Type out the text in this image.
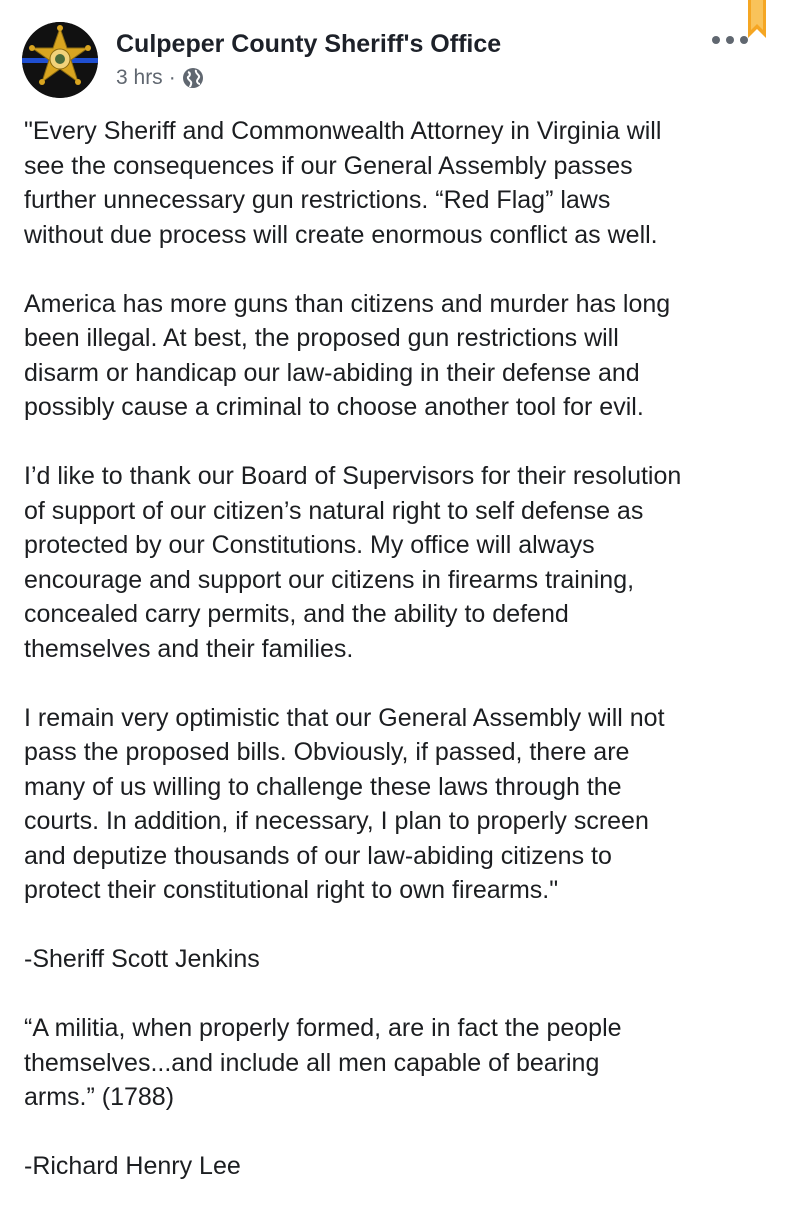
Culpeper County Sheriff's Office
3 hrs ·

"Every Sheriff and Commonwealth Attorney in Virginia will
see the consequences if our General Assembly passes
further unnecessary gun restrictions. “Red Flag” laws
without due process will create enormous conflict as well.

America has more guns than citizens and murder has long
been illegal. At best, the proposed gun restrictions will
disarm or handicap our law-abiding in their defense and
possibly cause a criminal to choose another tool for evil.

I’d like to thank our Board of Supervisors for their resolution
of support of our citizen’s natural right to self defense as
protected by our Constitutions. My office will always
encourage and support our citizens in firearms training,
concealed carry permits, and the ability to defend
themselves and their families.

I remain very optimistic that our General Assembly will not
pass the proposed bills. Obviously, if passed, there are
many of us willing to challenge these laws through the
courts. In addition, if necessary, I plan to properly screen
and deputize thousands of our law-abiding citizens to
protect their constitutional right to own firearms."

-Sheriff Scott Jenkins

“A militia, when properly formed, are in fact the people
themselves...and include all men capable of bearing
arms.” (1788)

-Richard Henry Lee
